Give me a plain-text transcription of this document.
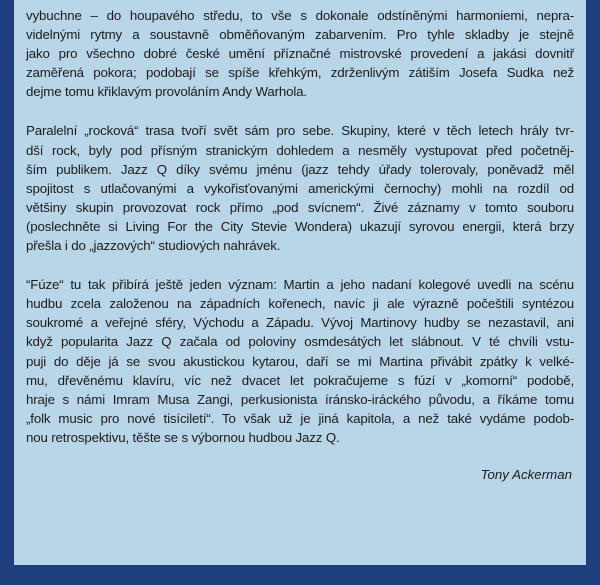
vybuchne – do houpavého středu, to vše s dokonale odstíněnými harmoniemi, nepra-
videlnými rytmy a soustavně obměňovaným zabarvením. Pro tyhle skladby je stejně
jako pro všechno dobré české umění příznačné mistrovské provedení a jakási dovnitř
zaměřená pokora; podobají se spíše křehkým, zdrženlivým zátiším Josefa Sudka než
dejme tomu křiklavým provoláním Andy Warhola.
Paralelní „rocková“ trasa tvoří svět sám pro sebe. Skupiny, které v těch letech hrály tvr-
dší rock, byly pod přísným stranickým dohledem a nesměly vystupovat před početněj-
ším publikem. Jazz Q díky svému jménu (jazz tehdy úřady tolerovaly, poněvadž měl
spojitost s utlačovanými a vykořisťovanými americkými černochy) mohli na rozdíl od
většiny skupin provozovat rock přímo „pod svícnem“. Živé záznamy v tomto souboru
(poslechněte si Living For the City Stevie Wondera) ukazují syrovou energii, která brzy
přešla i do „jazzových“ studiových nahrávek.
“Fúze“ tu tak přibírá ještě jeden význam: Martin a jeho nadaní kolegové uvedli na scénu
hudbu zcela založenou na západních kořenech, navíc ji ale výrazně počeštili syntézou
soukromé a veřejné sféry, Východu a Západu. Vývoj Martinovy hudby se nezastavil, ani
když popularita Jazz Q začala od poloviny osmdesátých let slábnout. V té chvíli vstu-
puji do děje já se svou akustickou kytarou, daří se mi Martina přivábit zpátky k velké-
mu, dřevěnému klavíru, víc než dvacet let pokračujeme s fúzí v „komorní“ podobě,
hraje s námi Imram Musa Zangi, perkusionista íránsko-iráckého původu, a říkáme tomu
„folk music pro nové tisíciletí“. To však už je jiná kapitola, a než také vydáme podob-
nou retrospektivu, těšte se s výbornou hudbou Jazz Q.

Tony Ackerman
